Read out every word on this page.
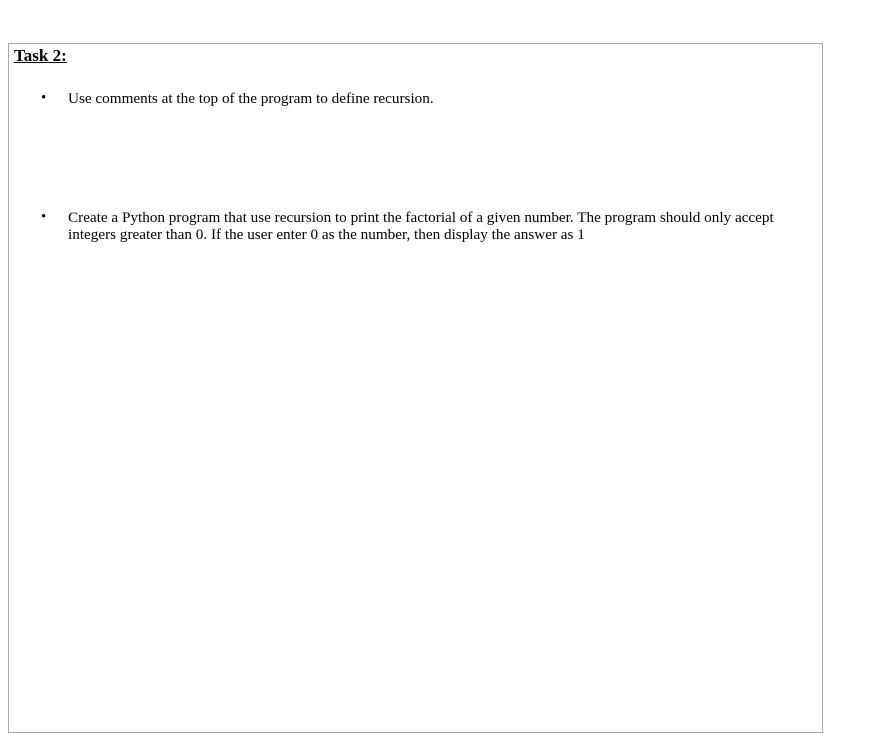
Task 2:
• Use comments at the top of the program to define recursion.
• Create a Python program that use recursion to print the factorial of a given number. The program should only accept integers greater than 0. If the user enter 0 as the number, then display the answer as 1
